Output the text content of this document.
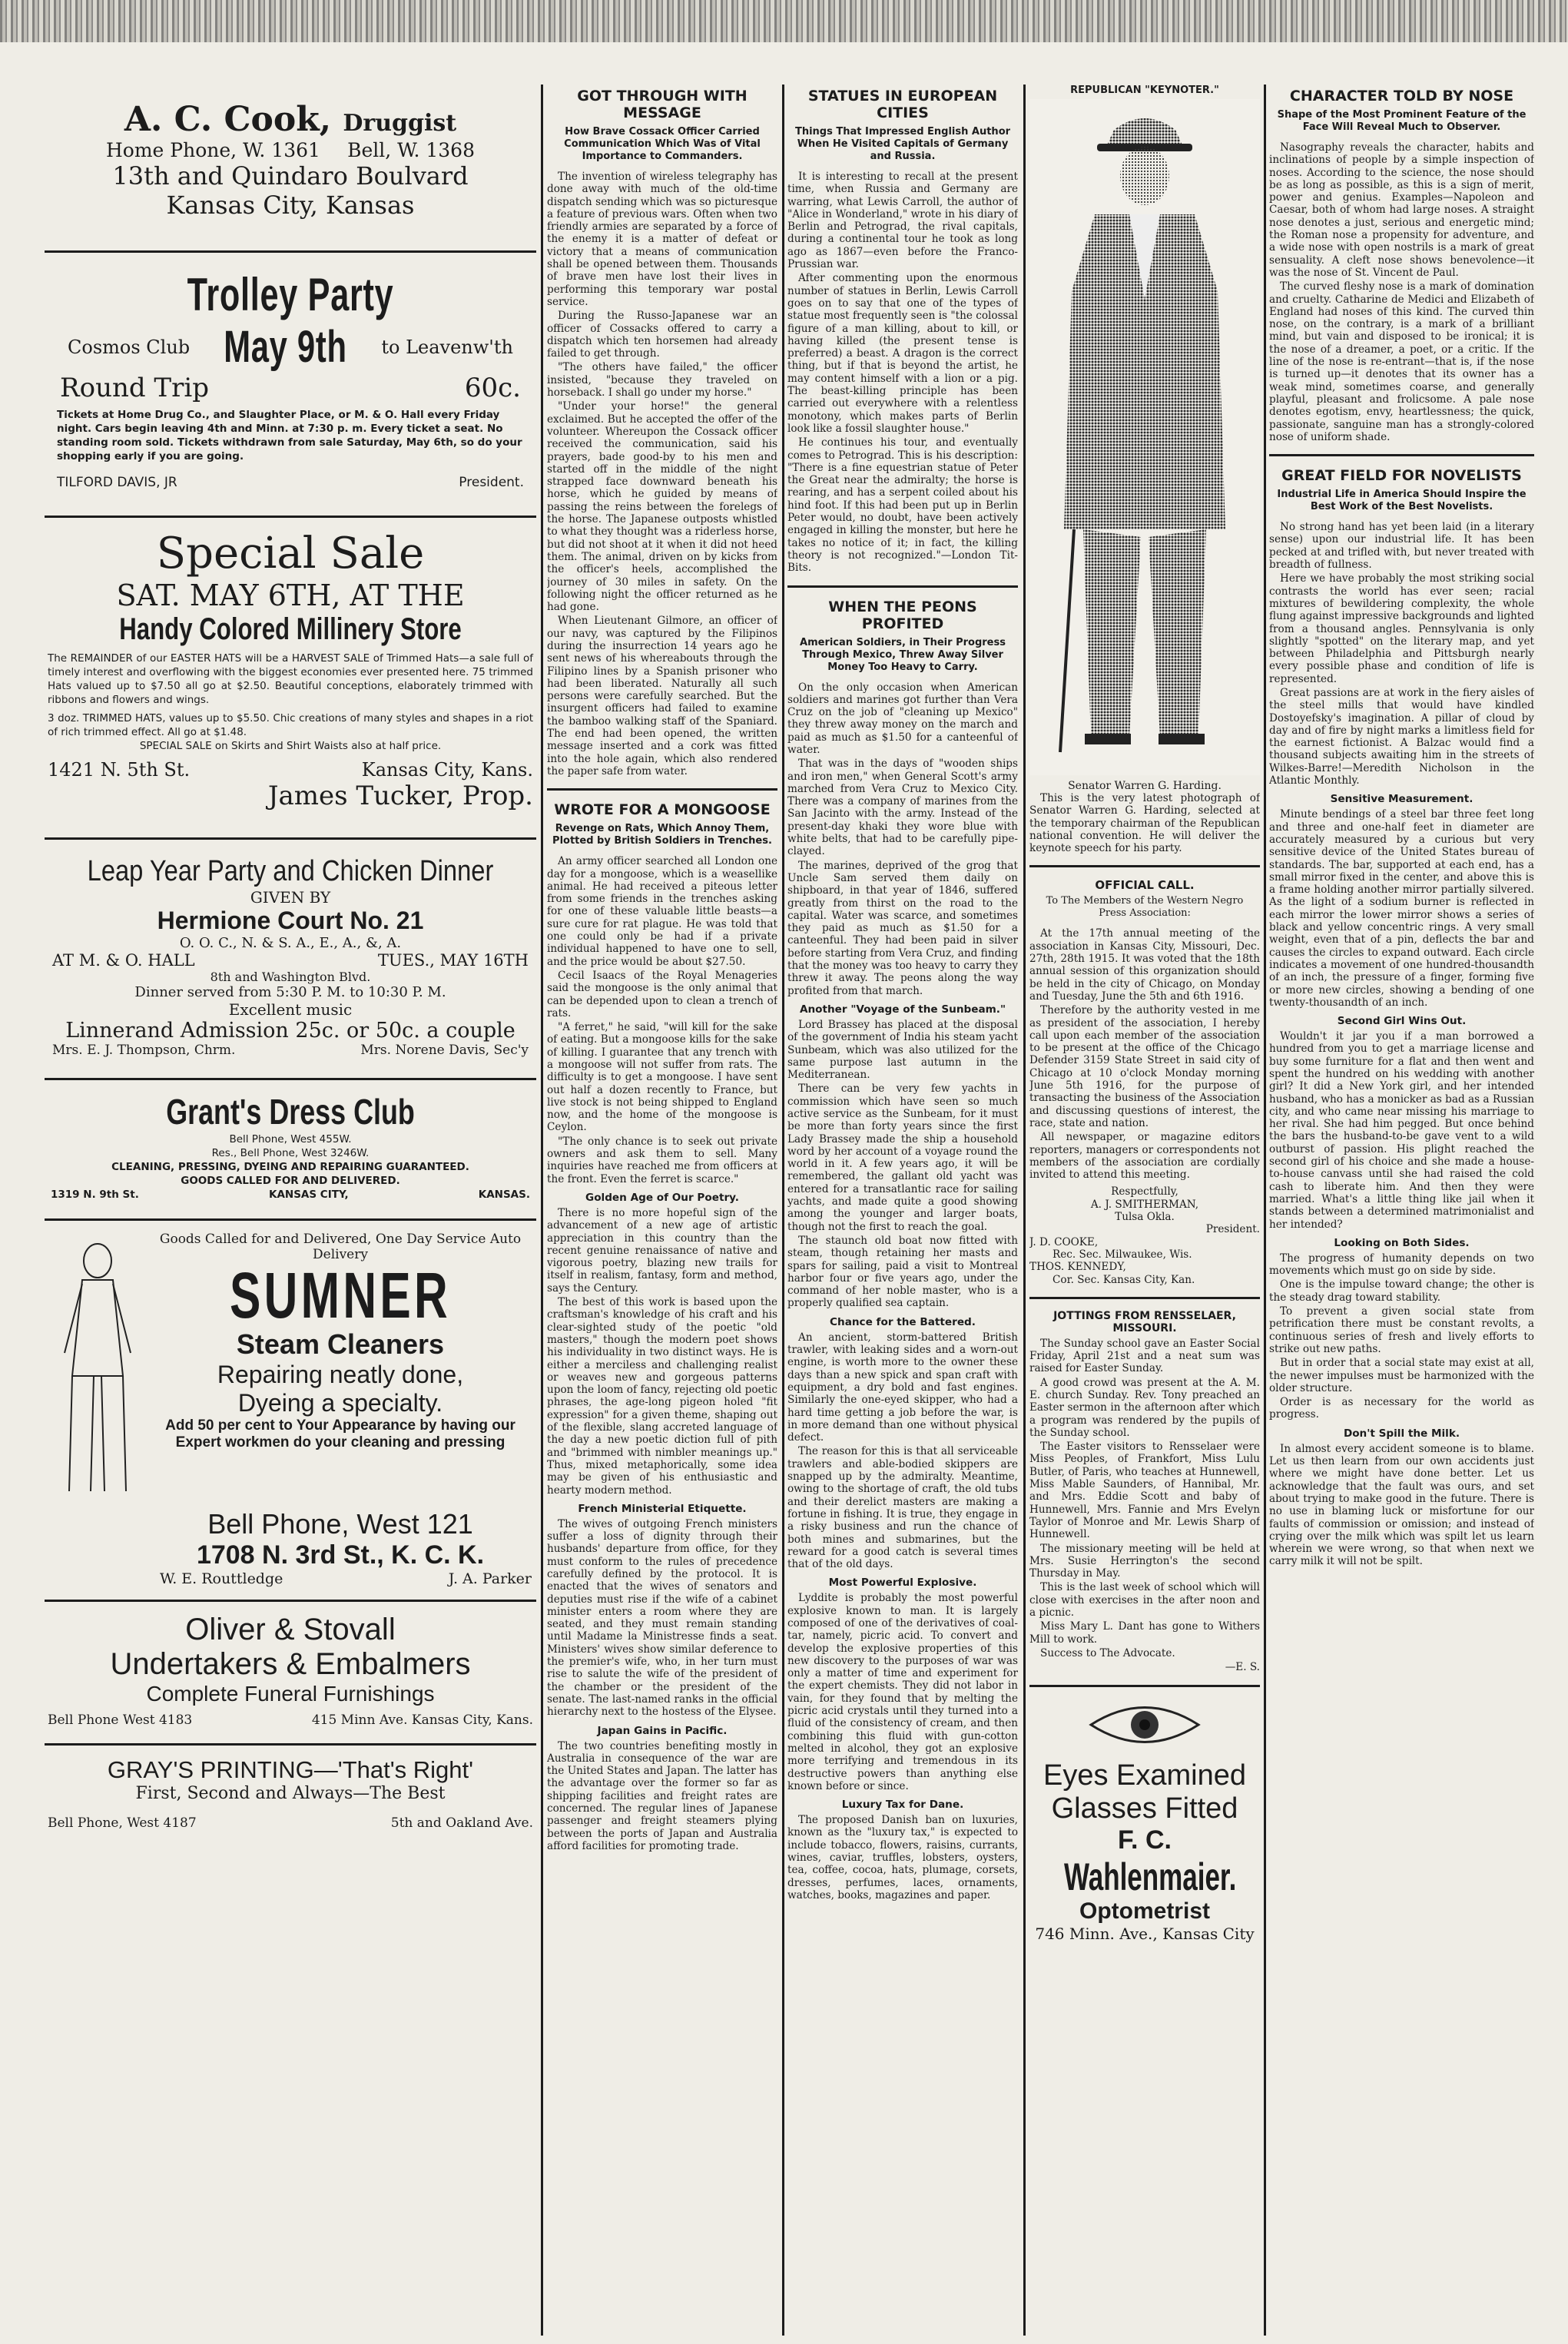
A. C. Cook, Druggist
Home Phone, W. 1361 Bell, W. 1368
13th and Quindaro Boulvard
Kansas City, Kansas
Trolley Party
Cosmos Club May 9th to Leavenw'th
Round Trip	60c.

Tickets at Home Drug Co., and Slaughter Place, or M. & O. Hall every Friday night. Cars begin leaving 4th and Minn. at 7:30 p. m. Every ticket a seat. No standing room sold. Tickets withdrawn from sale Saturday, May 6th, so do your shopping early if you are going.

TILFORD DAVIS, JR	President.
Special Sale
SAT. MAY 6TH, AT THE
Handy Colored Millinery Store

The REMAINDER of our EASTER HATS will be a HARVEST SALE of Trimmed Hats—a sale full of timely interest and overflowing with the biggest economies ever presented here. 75 trimmed Hats valued up to $7.50 all go at $2.50. Beautiful conceptions, elaborately trimmed with ribbons and flowers and wings.

3 doz. TRIMMED HATS, values up to $5.50. Chic creations of many styles and shapes in a riot of rich trimmed effect. All go at $1.48.

SPECIAL SALE on Skirts and Shirt Waists also at half price.

1421 N. 5th St.	Kansas City, Kans.
James Tucker, Prop.
Leap Year Party and Chicken Dinner
GIVEN BY
Hermione Court No. 21
O. O. C., N. & S. A., E., A., &, A.
AT M. & O. HALL	TUES., MAY 16TH
8th and Washington Blvd.
Dinner served from 5:30 P. M. to 10:30 P. M.
Excellent music
Linnerand Admission 25c. or 50c. a couple
Mrs. E. J. Thompson, Chrm.	Mrs. Norene Davis, Sec'y
Grant's Dress Club
Bell Phone, West 455W.
Res., Bell Phone, West 3246W.
CLEANING, PRESSING, DYEING AND REPAIRING GUARANTEED.
GOODS CALLED FOR AND DELIVERED.
1319 N. 9th St.	KANSAS CITY,	KANSAS.

Goods Called for and Delivered, One Day Service Auto Delivery

SUMNER
Steam Cleaners
Repairing neatly done,
Dyeing a specialty.

Add 50 per cent to Your Appearance by having our Expert workmen do your cleaning and pressing

Bell Phone, West 121
1708 N. 3rd St., K. C. K.
W. E. Routtledge	J. A. Parker
Oliver & Stovall
Undertakers & Embalmers
Complete Funeral Furnishings
Bell Phone West 4183	415 Minn Ave. Kansas City, Kans.
GRAY'S PRINTING—'That's Right'
First, Second and Always—The Best
Bell Phone, West 4187	5th and Oakland Ave.
GOT THROUGH WITH MESSAGE
How Brave Cossack Officer Carried Communication Which Was of Vital Importance to Commanders.

The invention of wireless telegraphy has done away with much of the old-time dispatch sending which was so picturesque a feature of previous wars. Often when two friendly armies are separated by a force of the enemy it is a matter of defeat or victory that a means of communication shall be opened between them. Thousands of brave men have lost their lives in performing this temporary war postal service.

During the Russo-Japanese war an officer of Cossacks offered to carry a dispatch which ten horsemen had already failed to get through.

"The others have failed," the officer insisted, "because they traveled on horseback. I shall go under my horse."

"Under your horse!" the general exclaimed. But he accepted the offer of the volunteer. Whereupon the Cossack officer received the communication, said his prayers, bade good-by to his men and started off in the middle of the night strapped face downward beneath his horse, which he guided by means of passing the reins between the forelegs of the horse. The Japanese outposts whistled to what they thought was a riderless horse, but did not shoot at it when it did not heed them. The animal, driven on by kicks from the officer's heels, accomplished the journey of 30 miles in safety. On the following night the officer returned as he had gone.

When Lieutenant Gilmore, an officer of our navy, was captured by the Filipinos during the insurrection 14 years ago he sent news of his whereabouts through the Filipino lines by a Spanish prisoner who had been liberated. Naturally all such persons were carefully searched. But the insurgent officers had failed to examine the bamboo walking staff of the Spaniard. The end had been opened, the written message inserted and a cork was fitted into the hole again, which also rendered the paper safe from water.

WROTE FOR A MONGOOSE
Revenge on Rats, Which Annoy Them, Plotted by British Soldiers in Trenches.

An army officer searched all London one day for a mongoose, which is a weasellike animal. He had received a piteous letter from some friends in the trenches asking for one of these valuable little beasts—a sure cure for rat plague. He was told that one could only be had if a private individual happened to have one to sell, and the price would be about $27.50.

Cecil Isaacs of the Royal Menageries said the mongoose is the only animal that can be depended upon to clean a trench of rats.

"A ferret," he said, "will kill for the sake of eating. But a mongoose kills for the sake of killing. I guarantee that any trench with a mongoose will not suffer from rats. The difficulty is to get a mongoose. I have sent out half a dozen recently to France, but live stock is not being shipped to England now, and the home of the mongoose is Ceylon.

"The only chance is to seek out private owners and ask them to sell. Many inquiries have reached me from officers at the front. Even the ferret is scarce."

Golden Age of Our Poetry.

There is no more hopeful sign of the advancement of a new age of artistic appreciation in this country than the recent genuine renaissance of native and vigorous poetry, blazing new trails for itself in realism, fantasy, form and method, says the Century.

The best of this work is based upon the craftsman's knowledge of his craft and his clear-sighted study of the poetic "old masters," though the modern poet shows his individuality in two distinct ways. He is either a merciless and challenging realist or weaves new and gorgeous patterns upon the loom of fancy, rejecting old poetic phrases, the age-long pigeon holed "fit expression" for a given theme, shaping out of the flexible, slang accreted language of the day a new poetic diction full of pith and "brimmed with nimbler meanings up." Thus, mixed metaphorically, some idea may be given of his enthusiastic and hearty modern method.

French Ministerial Etiquette.

The wives of outgoing French ministers suffer a loss of dignity through their husbands' departure from office, for they must conform to the rules of precedence carefully defined by the protocol. It is enacted that the wives of senators and deputies must rise if the wife of a cabinet minister enters a room where they are seated, and they must remain standing until Madame la Ministresse finds a seat. Ministers' wives show similar deference to the premier's wife, who, in her turn must rise to salute the wife of the president of the chamber or the president of the senate. The last-named ranks in the official hierarchy next to the hostess of the Elysee.

Japan Gains in Pacific.

The two countries benefiting mostly in Australia in consequence of the war are the United States and Japan. The latter has the advantage over the former so far as shipping facilities and freight rates are concerned. The regular lines of Japanese passenger and freight steamers plying between the ports of Japan and Australia afford facilities for promoting trade.

STATUES IN EUROPEAN CITIES
Things That Impressed English Author When He Visited Capitals of Germany and Russia.

It is interesting to recall at the present time, when Russia and Germany are warring, what Lewis Carroll, the author of "Alice in Wonderland," wrote in his diary of Berlin and Petrograd, the rival capitals, during a continental tour he took as long ago as 1867—even before the Franco-Prussian war.

After commenting upon the enormous number of statues in Berlin, Lewis Carroll goes on to say that one of the types of statue most frequently seen is "the colossal figure of a man killing, about to kill, or having killed (the present tense is preferred) a beast. A dragon is the correct thing, but if that is beyond the artist, he may content himself with a lion or a pig. The beast-killing principle has been carried out everywhere with a relentless monotony, which makes parts of Berlin look like a fossil slaughter house."

He continues his tour, and eventually comes to Petrograd. This is his description: "There is a fine equestrian statue of Peter the Great near the admiralty; the horse is rearing, and has a serpent coiled about his hind foot. If this had been put up in Berlin Peter would, no doubt, have been actively engaged in killing the monster, but here he takes no notice of it; in fact, the killing theory is not recognized."—London Tit-Bits.

WHEN THE PEONS PROFITED
American Soldiers, in Their Progress Through Mexico, Threw Away Silver Money Too Heavy to Carry.

On the only occasion when American soldiers and marines got further than Vera Cruz on the job of "cleaning up Mexico" they threw away money on the march and paid as much as $1.50 for a canteenful of water.

That was in the days of "wooden ships and iron men," when General Scott's army marched from Vera Cruz to Mexico City. There was a company of marines from the San Jacinto with the army. Instead of the present-day khaki they wore blue with white belts, that had to be carefully pipe-clayed.

The marines, deprived of the grog that Uncle Sam served them daily on shipboard, in that year of 1846, suffered greatly from thirst on the road to the capital. Water was scarce, and sometimes they paid as much as $1.50 for a canteenful. They had been paid in silver before starting from Vera Cruz, and finding that the money was too heavy to carry they threw it away. The peons along the way profited from that march.

Another "Voyage of the Sunbeam."

Lord Brassey has placed at the disposal of the government of India his steam yacht Sunbeam, which was also utilized for the same purpose last autumn in the Mediterranean.

There can be very few yachts in commission which have seen so much active service as the Sunbeam, for it must be more than forty years since the first Lady Brassey made the ship a household word by her account of a voyage round the world in it. A few years ago, it will be remembered, the gallant old yacht was entered for a transatlantic race for sailing yachts, and made quite a good showing among the younger and larger boats, though not the first to reach the goal.

The staunch old boat now fitted with steam, though retaining her masts and spars for sailing, paid a visit to Montreal harbor four or five years ago, under the command of her noble master, who is a properly qualified sea captain.

Chance for the Battered.

An ancient, storm-battered British trawler, with leaking sides and a worn-out engine, is worth more to the owner these days than a new spick and span craft with equipment, a dry bold and fast engines. Similarly the one-eyed skipper, who had a hard time getting a job before the war, is in more demand than one without physical defect.

The reason for this is that all serviceable trawlers and able-bodied skippers are snapped up by the admiralty. Meantime, owing to the shortage of craft, the old tubs and their derelict masters are making a fortune in fishing. It is true, they engage in a risky business and run the chance of both mines and submarines, but the reward for a good catch is several times that of the old days.

Most Powerful Explosive.

Lyddite is probably the most powerful explosive known to man. It is largely composed of one of the derivatives of coal-tar, namely, picric acid. To convert and develop the explosive properties of this new discovery to the purposes of war was only a matter of time and experiment for the expert chemists. They did not labor in vain, for they found that by melting the picric acid crystals until they turned into a fluid of the consistency of cream, and then combining this fluid with gun-cotton melted in alcohol, they got an explosive more terrifying and tremendous in its destructive powers than anything else known before or since.

Luxury Tax for Dane.

The proposed Danish ban on luxuries, known as the "luxury tax," is expected to include tobacco, flowers, raisins, currants, wines, caviar, truffles, lobsters, oysters, tea, coffee, cocoa, hats, plumage, corsets, dresses, perfumes, laces, ornaments, watches, books, magazines and paper.

REPUBLICAN "KEYNOTER."
Senator Warren G. Harding.

This is the very latest photograph of Senator Warren G. Harding, selected at the temporary chairman of the Republican national convention. He will deliver the keynote speech for his party.

OFFICIAL CALL.
To The Members of the Western Negro Press Association:

At the 17th annual meeting of the association in Kansas City, Missouri, Dec. 27th, 28th 1915. It was voted that the 18th annual session of this organization should be held in the city of Chicago, on Monday and Tuesday, June the 5th and 6th 1916.

Therefore by the authority vested in me as president of the association, I hereby call upon each member of the association to be present at the office of the Chicago Defender 3159 State Street in said city of Chicago at 10 o'clock Monday morning June 5th 1916, for the purpose of transacting the business of the Association and discussing questions of interest, the race, state and nation.

All newspaper, or magazine editors reporters, managers or correspondents not members of the association are cordially invited to attend this meeting.

Respectfully,
A. J. SMITHERMAN,
Tulsa Okla.
President.
J. D. COOKE,
Rec. Sec. Milwaukee, Wis.
THOS. KENNEDY,
Cor. Sec. Kansas City, Kan.
JOTTINGS FROM RENSSELAER, MISSOURI.

The Sunday school gave an Easter Social Friday, April 21st and a neat sum was raised for Easter Sunday.

A good crowd was present at the A. M. E. church Sunday. Rev. Tony preached an Easter sermon in the afternoon after which a program was rendered by the pupils of the Sunday school.

The Easter visitors to Rensselaer were Miss Peoples, of Frankfort, Miss Lulu Butler, of Paris, who teaches at Hunnewell, Miss Mable Saunders, of Hannibal, Mr. and Mrs. Eddie Scott and baby of Hunnewell, Mrs. Fannie and Mrs Evelyn Taylor of Monroe and Mr. Lewis Sharp of Hunnewell.

The missionary meeting will be held at Mrs. Susie Herrington's the second Thursday in May.

This is the last week of school which will close with exercises in the after noon and a picnic.

Miss Mary L. Dant has gone to Withers Mill to work.

Success to The Advocate.

—E. S.
Eyes Examined
Glasses Fitted
F. C.
Wahlenmaier.
Optometrist
746 Minn. Ave., Kansas City
CHARACTER TOLD BY NOSE
Shape of the Most Prominent Feature of the Face Will Reveal Much to Observer.

Nasography reveals the character, habits and inclinations of people by a simple inspection of noses. According to the science, the nose should be as long as possible, as this is a sign of merit, power and genius. Examples—Napoleon and Caesar, both of whom had large noses. A straight nose denotes a just, serious and energetic mind; the Roman nose a propensity for adventure, and a wide nose with open nostrils is a mark of great sensuality. A cleft nose shows benevolence—it was the nose of St. Vincent de Paul.

The curved fleshy nose is a mark of domination and cruelty. Catharine de Medici and Elizabeth of England had noses of this kind. The curved thin nose, on the contrary, is a mark of a brilliant mind, but vain and disposed to be ironical; it is the nose of a dreamer, a poet, or a critic. If the line of the nose is re-entrant—that is, if the nose is turned up—it denotes that its owner has a weak mind, sometimes coarse, and generally playful, pleasant and frolicsome. A pale nose denotes egotism, envy, heartlessness; the quick, passionate, sanguine man has a strongly-colored nose of uniform shade.

GREAT FIELD FOR NOVELISTS
Industrial Life in America Should Inspire the Best Work of the Best Novelists.

No strong hand has yet been laid (in a literary sense) upon our industrial life. It has been pecked at and trifled with, but never treated with breadth of fullness.

Here we have probably the most striking social contrasts the world has ever seen; racial mixtures of bewildering complexity, the whole flung against impressive backgrounds and lighted from a thousand angles. Pennsylvania is only slightly "spotted" on the literary map, and yet between Philadelphia and Pittsburgh nearly every possible phase and condition of life is represented.

Great passions are at work in the fiery aisles of the steel mills that would have kindled Dostoyefsky's imagination. A pillar of cloud by day and of fire by night marks a limitless field for the earnest fictionist. A Balzac would find a thousand subjects awaiting him in the streets of Wilkes-Barre!—Meredith Nicholson in the Atlantic Monthly.

Sensitive Measurement.

Minute bendings of a steel bar three feet long and three and one-half feet in diameter are accurately measured by a curious but very sensitive device of the United States bureau of standards. The bar, supported at each end, has a small mirror fixed in the center, and above this is a frame holding another mirror partially silvered. As the light of a sodium burner is reflected in each mirror the lower mirror shows a series of black and yellow concentric rings. A very small weight, even that of a pin, deflects the bar and causes the circles to expand outward. Each circle indicates a movement of one hundred-thousandth of an inch, the pressure of a finger, forming five or more new circles, showing a bending of one twenty-thousandth of an inch.

Second Girl Wins Out.

Wouldn't it jar you if a man borrowed a hundred from you to get a marriage license and buy some furniture for a flat and then went and spent the hundred on his wedding with another girl? It did a New York girl, and her intended husband, who has a monicker as bad as a Russian city, and who came near missing his marriage to her rival. She had him pegged. But once behind the bars the husband-to-be gave vent to a wild outburst of passion. His plight reached the second girl of his choice and she made a house-to-house canvass until she had raised the cold cash to liberate him. And then they were married. What's a little thing like jail when it stands between a determined matrimonialist and her intended?

Looking on Both Sides.

The progress of humanity depends on two movements which must go on side by side.

One is the impulse toward change; the other is the steady drag toward stability.

To prevent a given social state from petrification there must be constant revolts, a continuous series of fresh and lively efforts to strike out new paths.

But in order that a social state may exist at all, the newer impulses must be harmonized with the older structure.

Order is as necessary for the world as progress.

Don't Spill the Milk.

In almost every accident someone is to blame. Let us then learn from our own accidents just where we might have done better. Let us acknowledge that the fault was ours, and set about trying to make good in the future. There is no use in blaming luck or misfortune for our faults of commission or omission; and instead of crying over the milk which was spilt let us learn wherein we were wrong, so that when next we carry milk it will not be spilt.
